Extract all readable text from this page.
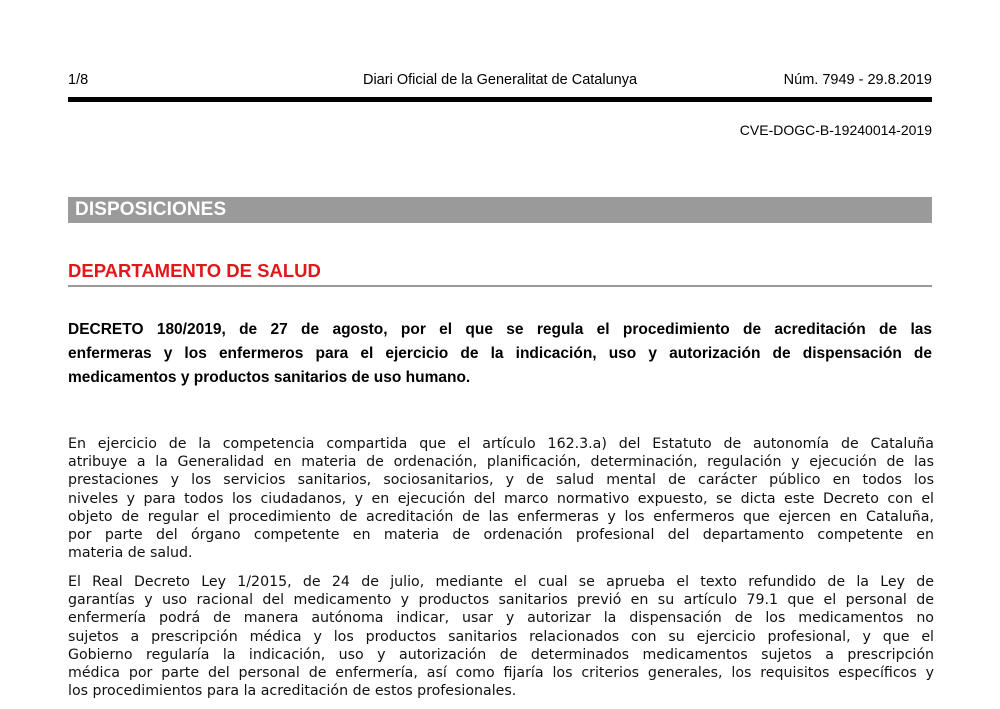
1/8	Diari Oficial de la Generalitat de Catalunya	Núm. 7949 - 29.8.2019
CVE-DOGC-B-19240014-2019
DISPOSICIONES
DEPARTAMENTO DE SALUD
DECRETO 180/2019, de 27 de agosto, por el que se regula el procedimiento de acreditación de las
enfermeras y los enfermeros para el ejercicio de la indicación, uso y autorización de dispensación de
medicamentos y productos sanitarios de uso humano.
En ejercicio de la competencia compartida que el artículo 162.3.a) del Estatuto de autonomía de Cataluña
atribuye a la Generalidad en materia de ordenación, planificación, determinación, regulación y ejecución de las
prestaciones y los servicios sanitarios, sociosanitarios, y de salud mental de carácter público en todos los
niveles y para todos los ciudadanos, y en ejecución del marco normativo expuesto, se dicta este Decreto con el
objeto de regular el procedimiento de acreditación de las enfermeras y los enfermeros que ejercen en Cataluña,
por parte del órgano competente en materia de ordenación profesional del departamento competente en
materia de salud.
El Real Decreto Ley 1/2015, de 24 de julio, mediante el cual se aprueba el texto refundido de la Ley de
garantías y uso racional del medicamento y productos sanitarios previó en su artículo 79.1 que el personal de
enfermería podrá de manera autónoma indicar, usar y autorizar la dispensación de los medicamentos no
sujetos a prescripción médica y los productos sanitarios relacionados con su ejercicio profesional, y que el
Gobierno regularía la indicación, uso y autorización de determinados medicamentos sujetos a prescripción
médica por parte del personal de enfermería, así como fijaría los criterios generales, los requisitos específicos y
los procedimientos para la acreditación de estos profesionales.
